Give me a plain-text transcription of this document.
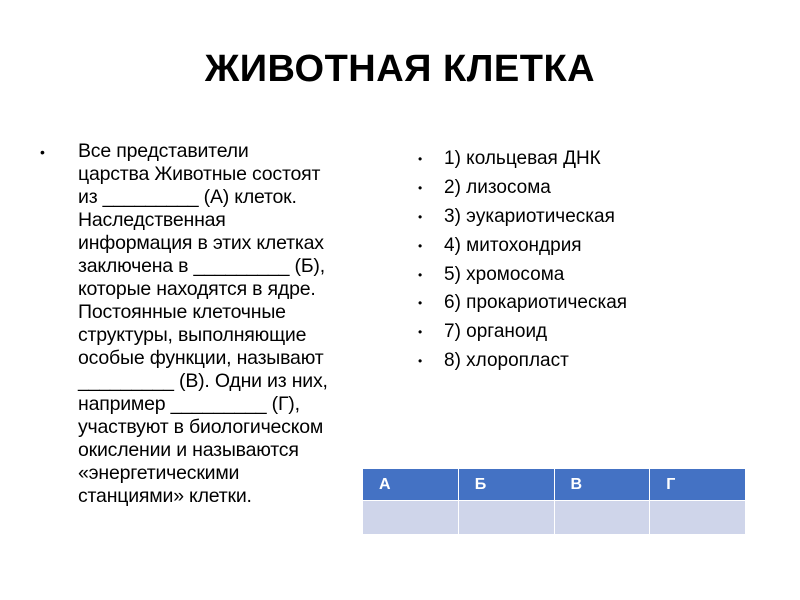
ЖИВОТНАЯ КЛЕТКА
•	Все представители
царства Животные состоят
из _________ (А) клеток.
Наследственная
информация в этих клетках
заключена в _________ (Б),
которые находятся в ядре.
Постоянные клеточные
структуры, выполняющие
особые функции, называют
_________ (В). Одни из них,
например _________ (Г),
участвуют в биологическом
окислении и называются
«энергетическими
станциями» клетки.
•	1) кольцевая ДНК
•	2) лизосома
•	3) эукариотическая
•	4) митохондрия
•	5) хромосома
•	6) прокариотическая
•	7) органоид
•	8) хлоропласт
А	Б	В	Г
